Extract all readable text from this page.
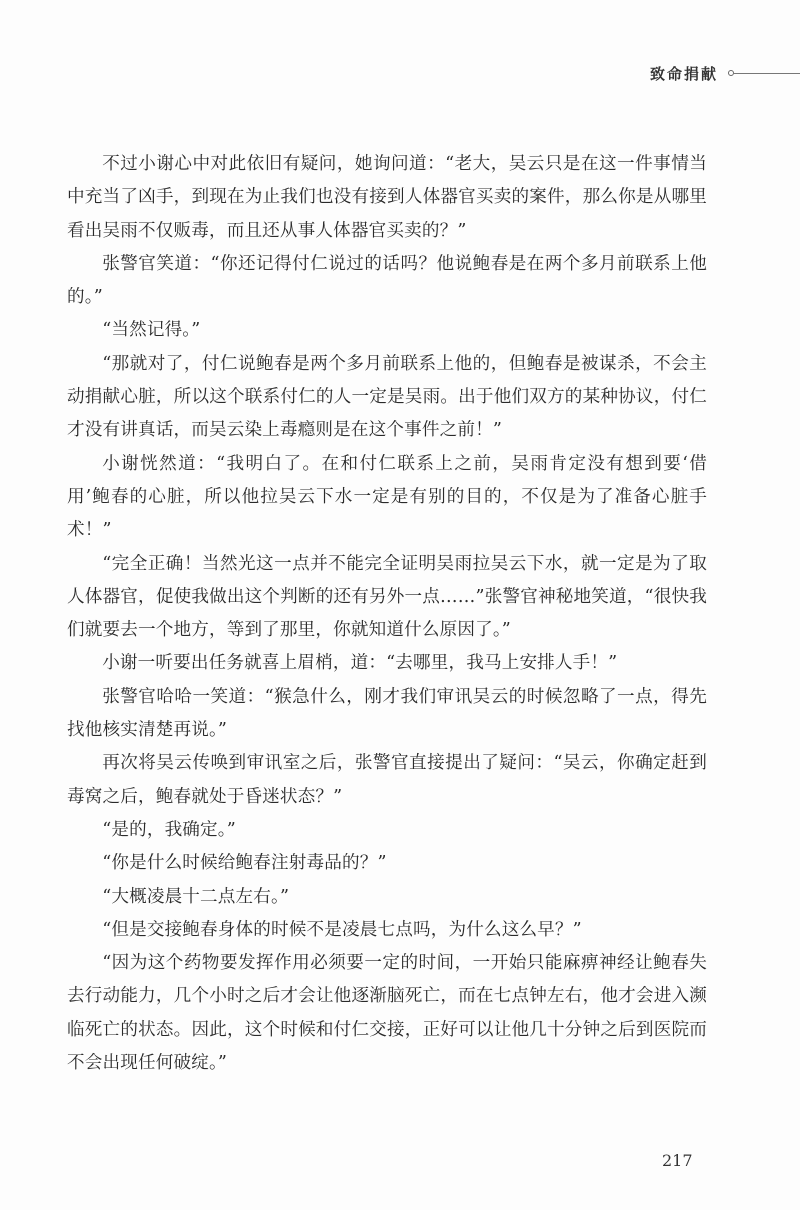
致命捐献

不过小谢心中对此依旧有疑问，她询问道：“老大，吴云只是在这一件事情当中充当了凶手，到现在为止我们也没有接到人体器官买卖的案件，那么你是从哪里看出吴雨不仅贩毒，而且还从事人体器官买卖的？”

张警官笑道：“你还记得付仁说过的话吗？他说鲍春是在两个多月前联系上他的。”

“当然记得。”

“那就对了，付仁说鲍春是两个多月前联系上他的，但鲍春是被谋杀，不会主动捐献心脏，所以这个联系付仁的人一定是吴雨。出于他们双方的某种协议，付仁才没有讲真话，而吴云染上毒瘾则是在这个事件之前！”

小谢恍然道：“我明白了。在和付仁联系上之前，吴雨肯定没有想到要‘借用’鲍春的心脏，所以他拉吴云下水一定是有别的目的，不仅是为了准备心脏手术！”

“完全正确！当然光这一点并不能完全证明吴雨拉吴云下水，就一定是为了取人体器官，促使我做出这个判断的还有另外一点……”张警官神秘地笑道，“很快我们就要去一个地方，等到了那里，你就知道什么原因了。”

小谢一听要出任务就喜上眉梢，道：“去哪里，我马上安排人手！”

张警官哈哈一笑道：“猴急什么，刚才我们审讯吴云的时候忽略了一点，得先找他核实清楚再说。”

再次将吴云传唤到审讯室之后，张警官直接提出了疑问：“吴云，你确定赶到毒窝之后，鲍春就处于昏迷状态？”

“是的，我确定。”

“你是什么时候给鲍春注射毒品的？”

“大概凌晨十二点左右。”

“但是交接鲍春身体的时候不是凌晨七点吗，为什么这么早？”

“因为这个药物要发挥作用必须要一定的时间，一开始只能麻痹神经让鲍春失去行动能力，几个小时之后才会让他逐渐脑死亡，而在七点钟左右，他才会进入濒临死亡的状态。因此，这个时候和付仁交接，正好可以让他几十分钟之后到医院而不会出现任何破绽。”

217
